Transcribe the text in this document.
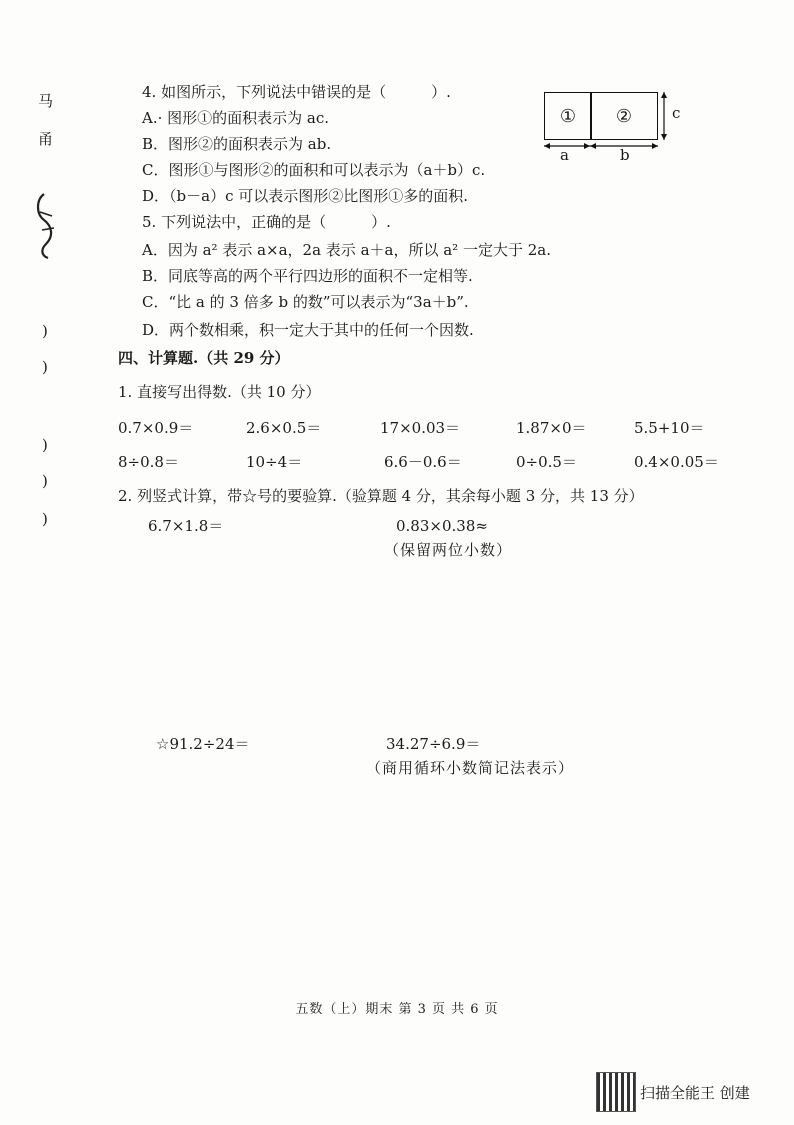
马
甬
)
)
)
)
)
4. 如图所示，下列说法中错误的是（　　　）.
A.· 图形①的面积表示为 ac.
B．图形②的面积表示为 ab.
C．图形①与图形②的面积和可以表示为（a＋b）c.
D．（b－a）c 可以表示图形②比图形①多的面积.
①	②
a	b
c
5. 下列说法中，正确的是（　　　）.
A．因为 a² 表示 a×a，2a 表示 a＋a，所以 a² 一定大于 2a.
B．同底等高的两个平行四边形的面积不一定相等.
C．“比 a 的 3 倍多 b 的数”可以表示为“3a＋b”.
D．两个数相乘，积一定大于其中的任何一个因数.
四、计算题.（共 29 分）
1. 直接写出得数.（共 10 分）
0.7×0.9＝	2.6×0.5＝	17×0.03＝	1.87×0＝	5.5+10＝
8÷0.8＝	10÷4＝	6.6－0.6＝	0÷0.5＝	0.4×0.05＝
2. 列竖式计算，带☆号的要验算.（验算题 4 分，其余每小题 3 分，共 13 分）
6.7×1.8＝	0.83×0.38≈
（保留两位小数）
☆91.2÷24＝	34.27÷6.9＝
（商用循环小数简记法表示）
五数（上）期末 第 3 页 共 6 页
扫描全能王 创建
